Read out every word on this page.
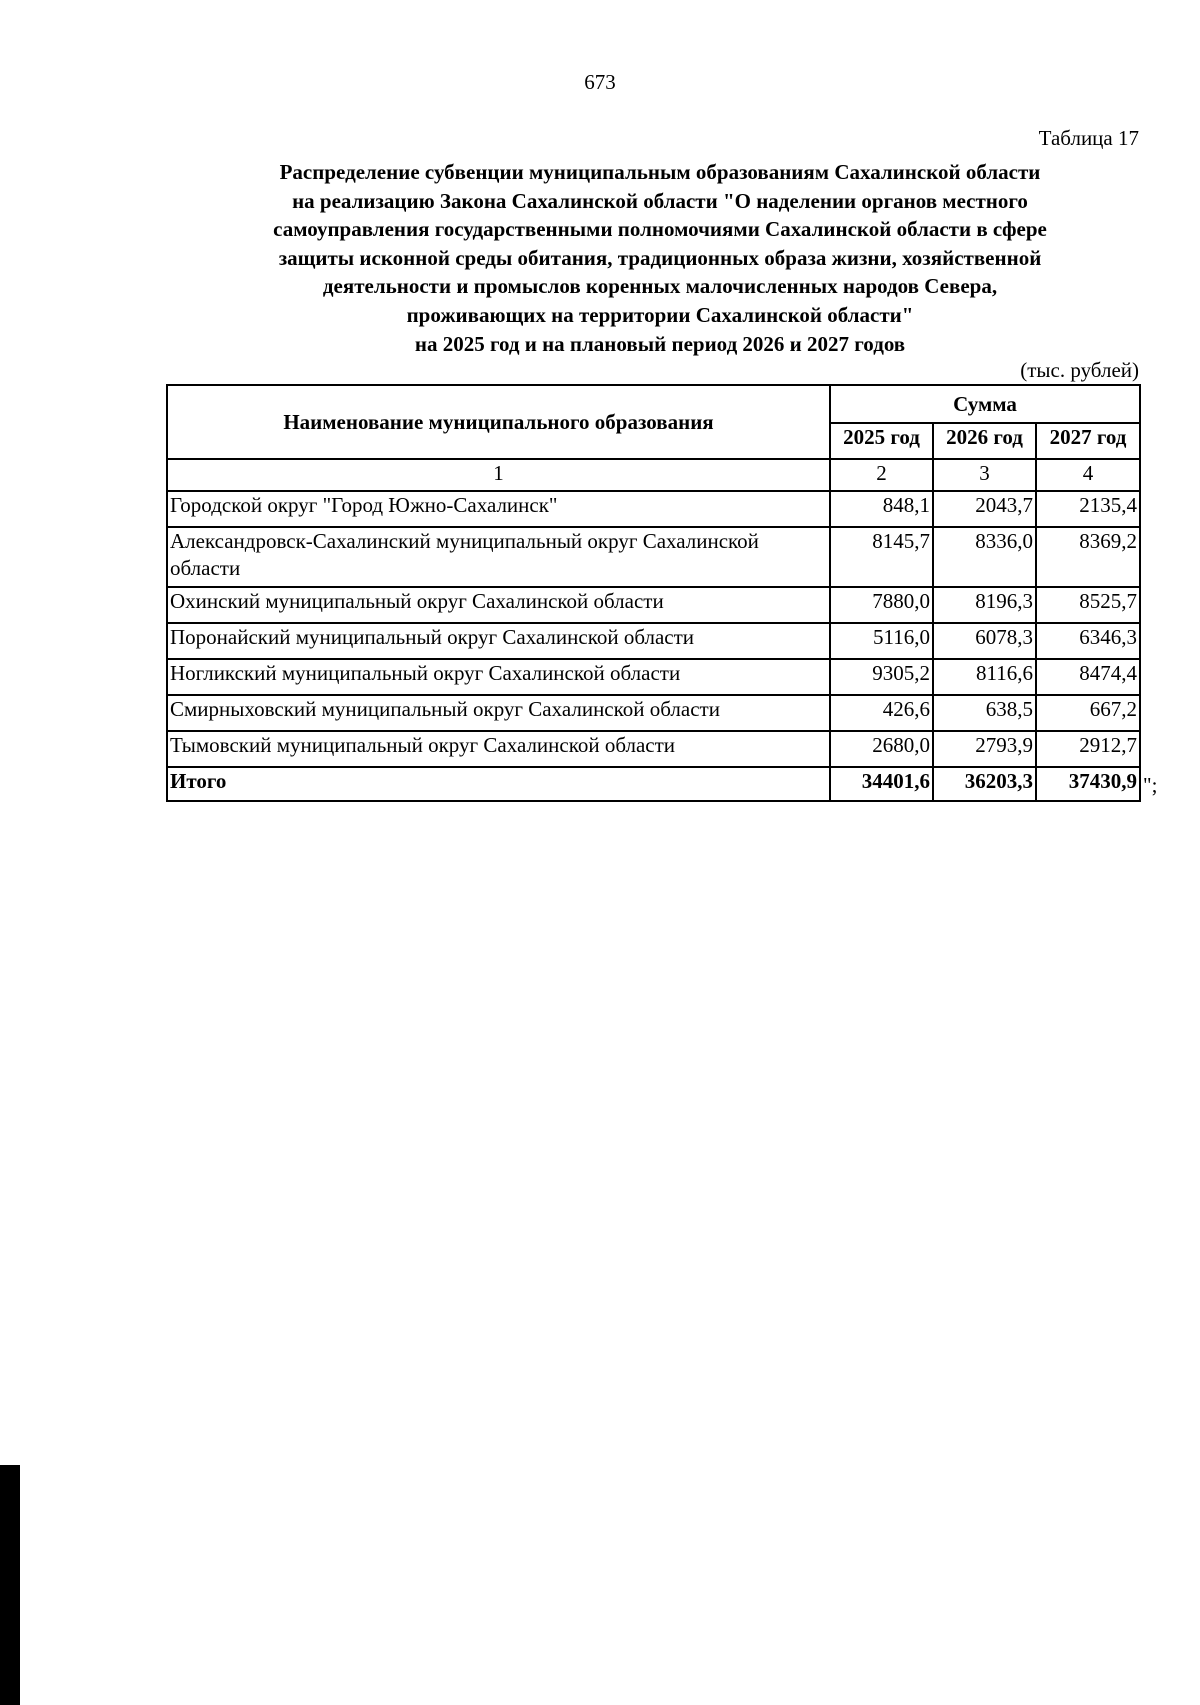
673
Таблица 17
Распределение субвенции муниципальным образованиям Сахалинской области
на реализацию Закона Сахалинской области "О наделении органов местного
самоуправления государственными полномочиями Сахалинской области в сфере
защиты исконной среды обитания, традиционных образа жизни, хозяйственной
деятельности и промыслов коренных малочисленных народов Севера,
проживающих на территории Сахалинской области"
на 2025 год и на плановый период 2026 и 2027 годов
(тыс. рублей)
Наименование муниципального образования	Сумма		
	2025 год	2026 год	2027 год
1	2	3	4
Городской округ "Город Южно-Сахалинск"	848,1	2043,7	2135,4
Александровск-Сахалинский муниципальный округ Сахалинской области	8145,7	8336,0	8369,2
Охинский муниципальный округ Сахалинской области	7880,0	8196,3	8525,7
Поронайский муниципальный округ Сахалинской области	5116,0	6078,3	6346,3
Ногликский муниципальный округ Сахалинской области	9305,2	8116,6	8474,4
Смирныховский муниципальный округ Сахалинской области	426,6	638,5	667,2
Тымовский муниципальный округ Сахалинской области	2680,0	2793,9	2912,7
Итого	34401,6	36203,3	37430,9 ";
